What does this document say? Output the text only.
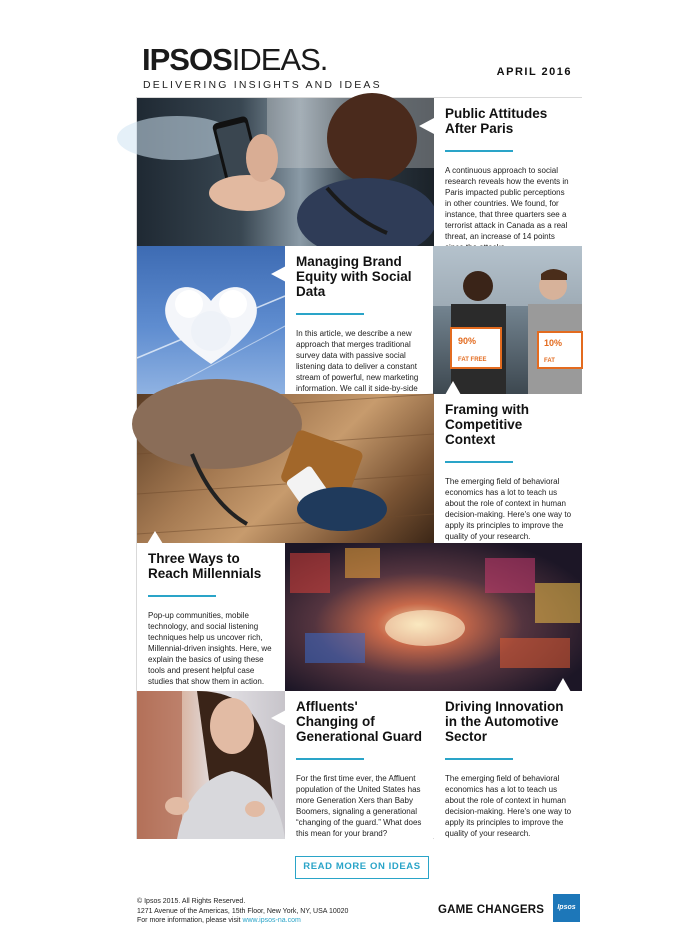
IPSOSIDEAS.
DELIVERING INSIGHTS AND IDEAS
APRIL 2016
Public Attitudes After Paris
A continuous approach to social research reveals how the events in Paris impacted public perceptions in other countries. We found, for instance, that three quarters see a terrorist attack in Canada as a real threat, an increase of 14 points
Managing Brand Equity with Social Data
In this article, we describe a new approach that merges traditional survey data with passive social listening data to deliver a constant stream of powerful, new marketing information. We call it side-by-side
90%
FAT FREE
10%
FAT
Framing with Competitive Context
The emerging field of behavioral economics has a lot to teach us about the role of context in human decision-making. Here's one way to apply its principles to improve the quality of your research.
Three Ways to Reach Millennials
Pop-up communities, mobile technology, and social listening techniques help us uncover rich, Millennial-driven insights. Here, we explain the basics of using these tools and present helpful case studies that show them in action.
Affluents' Changing of Generational Guard
For the first time ever, the Affluent population of the United States has more Generation Xers than Baby Boomers, signaling a generational “changing of the guard.” What does this mean for your brand?
Driving Innovation in the Automotive Sector
The emerging field of behavioral economics has a lot to teach us about the role of context in human decision-making. Here's one way to apply its principles to improve the quality of your research.
READ MORE ON IDEAS
© Ipsos 2015. All Rights Reserved.
1271 Avenue of the Americas, 15th Floor, New York, NY, USA 10020
For more information, please visit www.ipsos-na.com
GAME CHANGERS	Ipsos
